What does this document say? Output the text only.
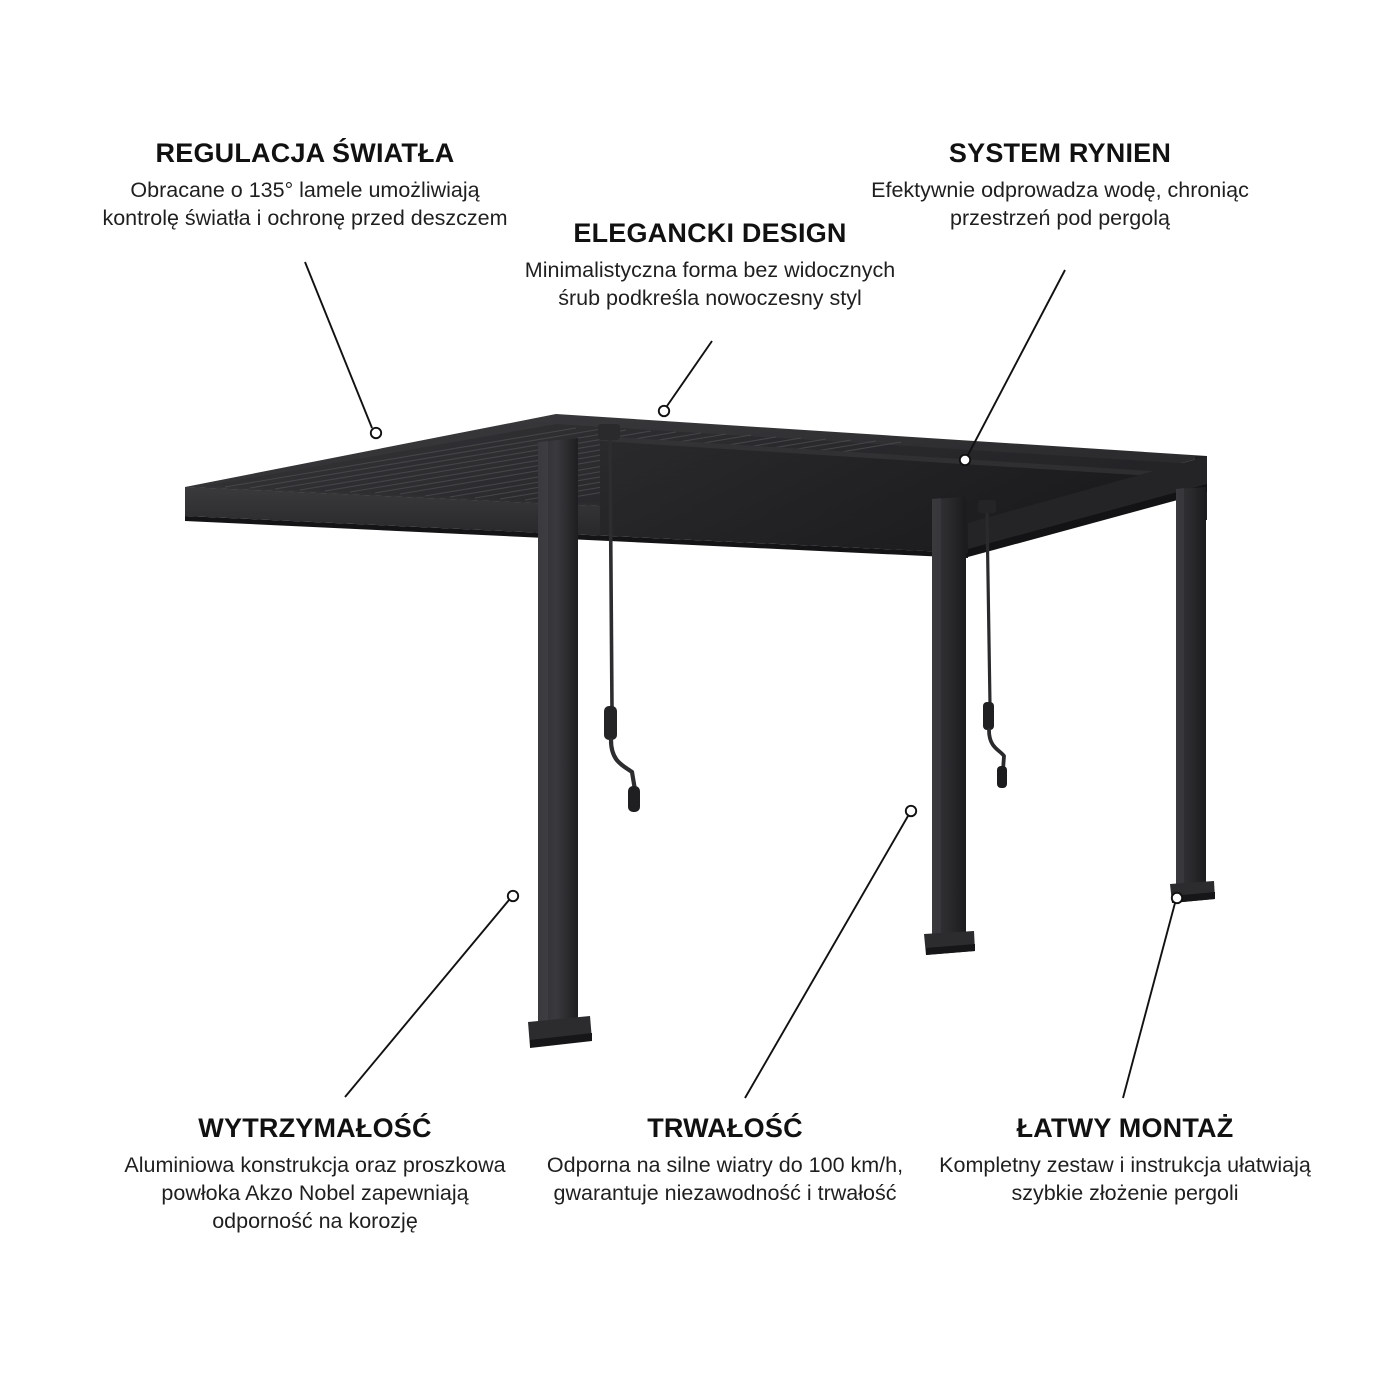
REGULACJA ŚWIATŁA

Obracane o 135° lamele umożliwiają kontrolę światła i ochronę przed deszczem

ELEGANCKI DESIGN

Minimalistyczna forma bez widocznych śrub podkreśla nowoczesny styl

SYSTEM RYNIEN

Efektywnie odprowadza wodę, chroniąc przestrzeń pod pergolą

WYTRZYMAŁOŚĆ

Aluminiowa konstrukcja oraz proszkowa powłoka Akzo Nobel zapewniają odporność na korozję

TRWAŁOŚĆ

Odporna na silne wiatry do 100 km/h, gwarantuje niezawodność i trwałość

ŁATWY MONTAŻ

Kompletny zestaw i instrukcja ułatwiają szybkie złożenie pergoli
